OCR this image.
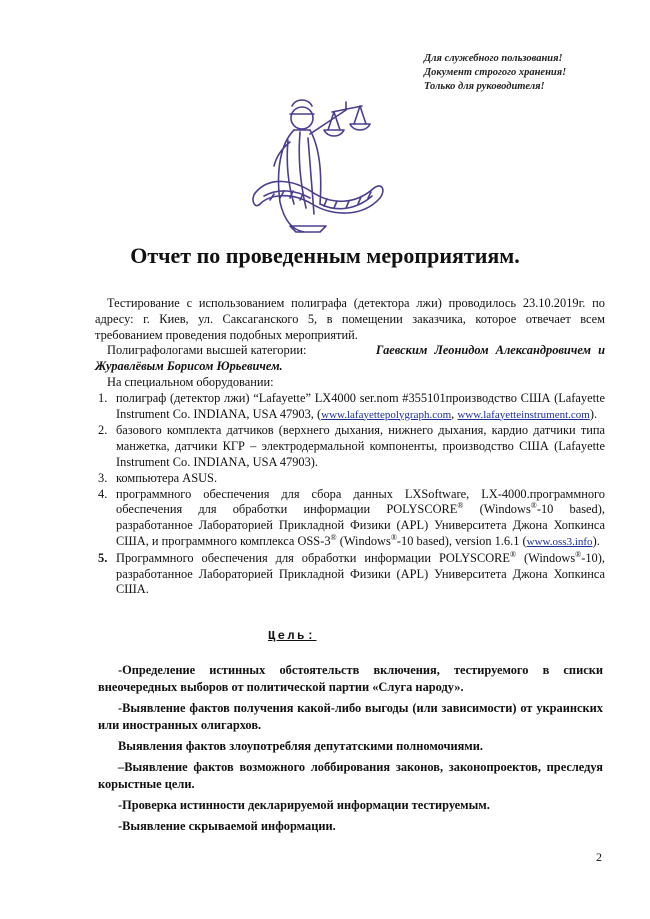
Для служебного пользования!
Документ строгого хранения!
Только для руководителя!
Отчет по проведенным мероприятиям.
Тестирование с использованием полиграфа (детектора лжи) проводилось 23.10.2019г. по адресу: г. Киев, ул. Саксаганского 5, в помещении заказчика, которое отвечает всем требованием проведения подобных мероприятий.
Полиграфологами высшей категории:	Гаевским Леонидом Александровичем и
Журавлёвым Борисом Юрьевичем.
На специальном оборудовании:
1. полиграф (детектор лжи) “Lafayette” LX4000 ser.nom #355101производство США (Lafayette Instrument Co. INDIANA, USA 47903, (www.lafayettepolygraph.com, www.lafayetteinstrument.com).
2. базового комплекта датчиков (верхнего дыхания, нижнего дыхания, кардио датчики типа манжетка, датчики КГР – электродермальной компоненты, производство США (Lafayette Instrument Co. INDIANA, USA 47903).
3. компьютера ASUS.
4. программного обеспечения для сбора данных LXSoftware, LX-4000.программного обеспечения для обработки информации POLYSCORE® (Windows®-10 based), разработанное Лабораторией Прикладной Физики (APL) Университета Джона Хопкинса США, и программного комплекса OSS-3® (Windows®-10 based), version 1.6.1 (www.oss3.info).
5. Программного обеспечения для обработки информации POLYSCORE® (Windows®-10), разработанное Лабораторией Прикладной Физики (APL) Университета Джона Хопкинса США.
Цель:
-Определение истинных обстоятельств включения, тестируемого в списки внеочередных выборов от политической партии «Слуга народу».
-Выявление фактов получения какой-либо выгоды (или зависимости) от украинских или иностранных олигархов.
Выявления фактов злоупотребляя депутатскими полномочиями.
–Выявление фактов возможного лоббирования законов, законопроектов, преследуя корыстные цели.
-Проверка истинности декларируемой информации тестируемым.
-Выявление скрываемой информации.
2
